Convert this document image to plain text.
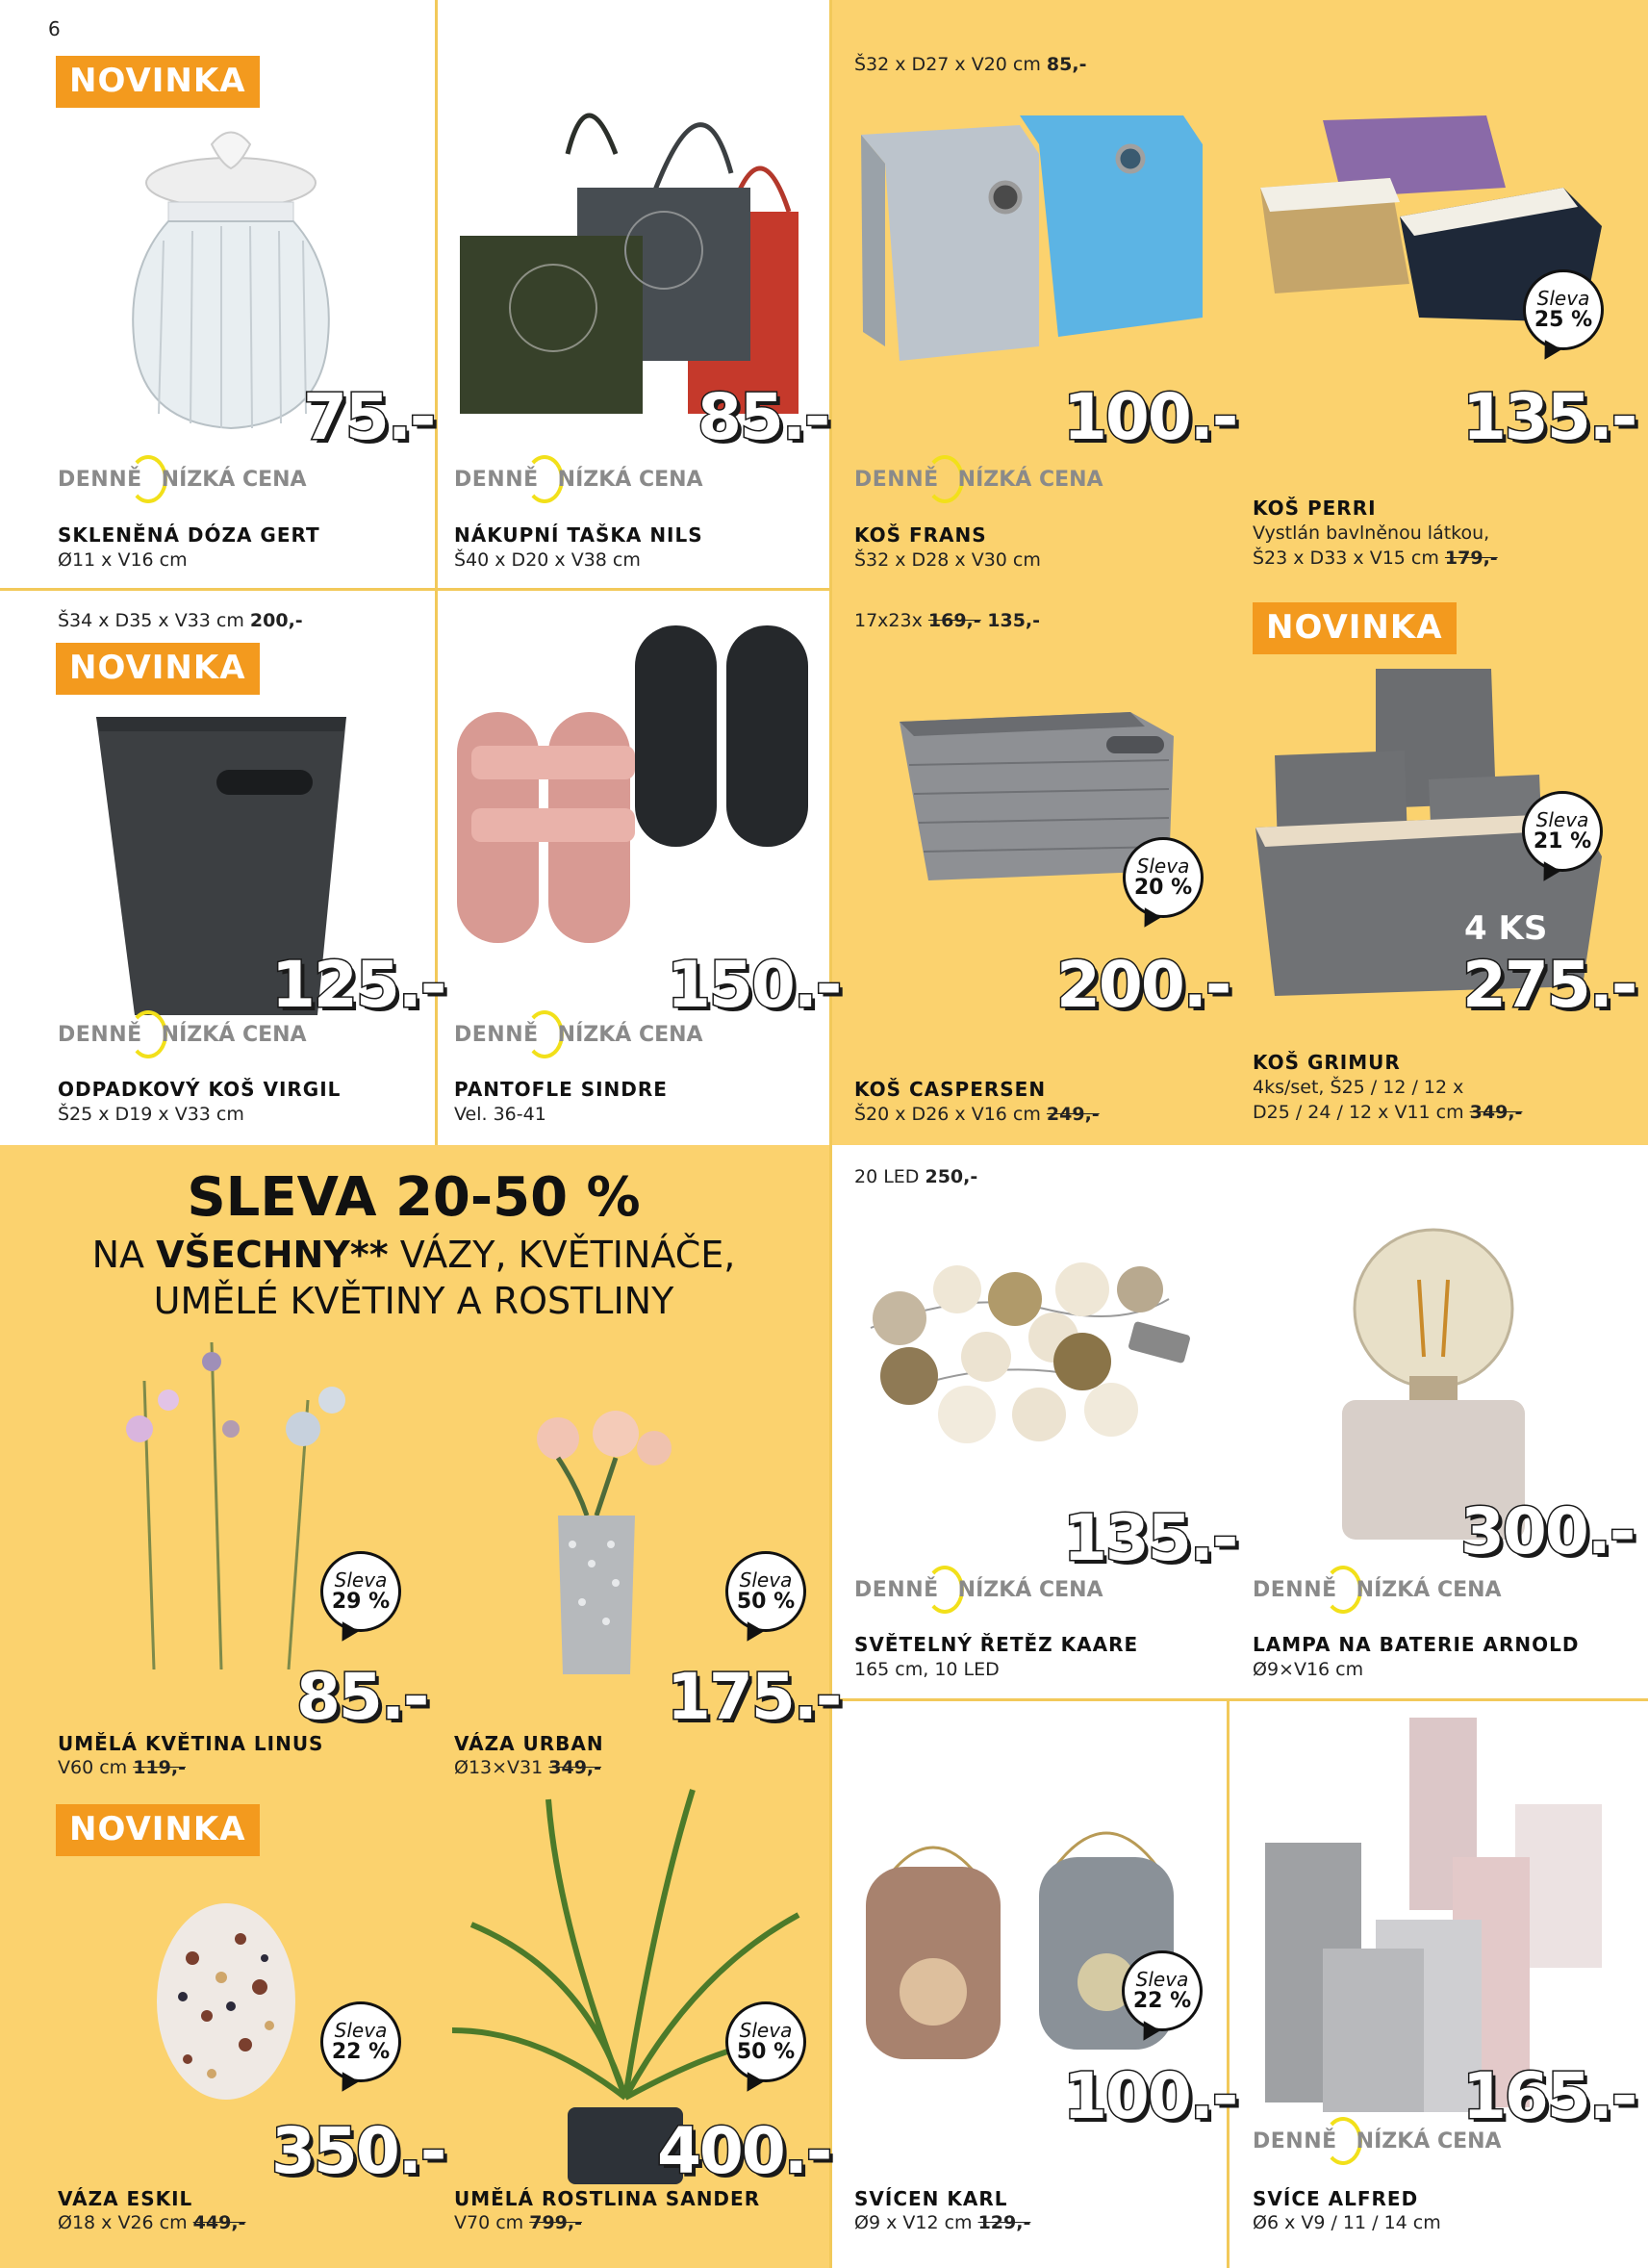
6
NOVINKA
75.-
DENNĚ NÍZKÁ CENA
SKLENĚNÁ DÓZA GERT
Ø11 x V16 cm
85.-
DENNĚ NÍZKÁ CENA
NÁKUPNÍ TAŠKA NILS
Š40 x D20 x V38 cm
Š32 x D27 x V20 cm 85,-
100.-
DENNĚ NÍZKÁ CENA
KOŠ FRANS
Š32 x D28 x V30 cm
Sleva
25 %
135.-
KOŠ PERRI
Vystlán bavlněnou látkou,
Š23 x D33 x V15 cm 179,-
Š34 x D35 x V33 cm 200,-
NOVINKA
125.-
DENNĚ NÍZKÁ CENA
ODPADKOVÝ KOŠ VIRGIL
Š25 x D19 x V33 cm
150.-
DENNĚ NÍZKÁ CENA
PANTOFLE SINDRE
Vel. 36-41
17x23x 169,- 135,-
Sleva
20 %
200.-
KOŠ CASPERSEN
Š20 x D26 x V16 cm 249,-
NOVINKA
Sleva
21 %
4 KS
275.-
KOŠ GRIMUR
4ks/set, Š25 / 12 / 12 x
D25 / 24 / 12 x V11 cm 349,-
SLEVA 20-50 %
NA VŠECHNY** VÁZY, KVĚTINÁČE,
UMĚLÉ KVĚTINY A ROSTLINY
Sleva
29 %
85.-
UMĚLÁ KVĚTINA LINUS
V60 cm 119,-
Sleva
50 %
175.-
VÁZA URBAN
Ø13×V31 349,-
NOVINKA
Sleva
22 %
350.-
VÁZA ESKIL
Ø18 x V26 cm 449,-
Sleva
50 %
400.-
UMĚLÁ ROSTLINA SANDER
V70 cm 799,-
20 LED 250,-
135.-
DENNĚ NÍZKÁ CENA
SVĚTELNÝ ŘETĚZ KAARE
165 cm, 10 LED
300.-
DENNĚ NÍZKÁ CENA
LAMPA NA BATERIE ARNOLD
Ø9×V16 cm
Sleva
22 %
100.-
SVÍCEN KARL
Ø9 x V12 cm 129,-
165.-
DENNĚ NÍZKÁ CENA
SVÍCE ALFRED
Ø6 x V9 / 11 / 14 cm
